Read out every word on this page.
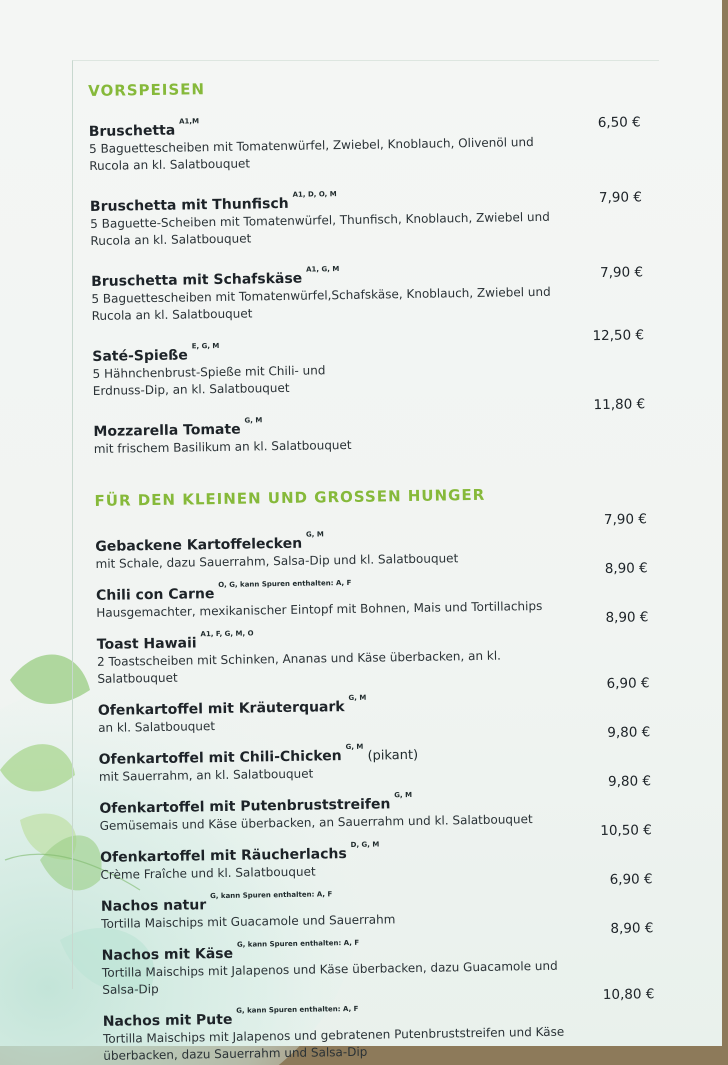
VORSPEISEN
Bruschetta$^{A1,M}$
5 Baguettescheiben mit Tomatenwürfel, Zwiebel, Knoblauch, Olivenöl und Rucola an kl. Salatbouquet
6,50 €
Bruschetta mit Thunfisch$^{A1, D, O, M}$
5 Baguette-Scheiben mit Tomatenwürfel, Thunfisch, Knoblauch, Zwiebel und Rucola an kl. Salatbouquet
7,90 €
Bruschetta mit Schafskäse$^{A1, G, M}$
5 Baguettescheiben mit Tomatenwürfel,Schafskäse, Knoblauch, Zwiebel und Rucola an kl. Salatbouquet
7,90 €
Saté-Spieße$^{E, G, M}$
5 Hähnchenbrust-Spieße mit Chili- und Erdnuss-Dip, an kl. Salatbouquet
12,50 €
Mozzarella Tomate$^{G, M}$
mit frischem Basilikum an kl. Salatbouquet
11,80 €
FÜR DEN KLEINEN UND GROSSEN HUNGER
Gebackene Kartoffelecken$^{G, M}$
mit Schale, dazu Sauerrahm, Salsa-Dip und kl. Salatbouquet
7,90 €
Chili con Carne$^{O, G, kann Spuren enthalten: A, F}$
Hausgemachter, mexikanischer Eintopf mit Bohnen, Mais und Tortillachips
8,90 €
Toast Hawaii$^{A1, F, G, M, O}$
2 Toastscheiben mit Schinken, Ananas und Käse überbacken, an kl. Salatbouquet
8,90 €
Ofenkartoffel mit Kräuterquark$^{G, M}$
an kl. Salatbouquet
6,90 €
Ofenkartoffel mit Chili-Chicken$^{G, M}$(pikant)
mit Sauerrahm, an kl. Salatbouquet
9,80 €
Ofenkartoffel mit Putenbruststreifen$^{G, M}$
Gemüsemais und Käse überbacken, an Sauerrahm und kl. Salatbouquet
9,80 €
Ofenkartoffel mit Räucherlachs$^{D, G, M}$
Crème Fraîche und kl. Salatbouquet
10,50 €
Nachos natur$^{G, kann Spuren enthalten: A, F}$
Tortilla Maischips mit Guacamole und Sauerrahm
6,90 €
Nachos mit Käse$^{G, kann Spuren enthalten: A, F}$
Tortilla Maischips mit Jalapenos und Käse überbacken, dazu Guacamole und Salsa-Dip
8,90 €
Nachos mit Pute$^{G, kann Spuren enthalten: A, F}$
Tortilla Maischips mit Jalapenos und gebratenen Putenbruststreifen und Käse überbacken, dazu Sauerrahm und Salsa-Dip
10,80 €
